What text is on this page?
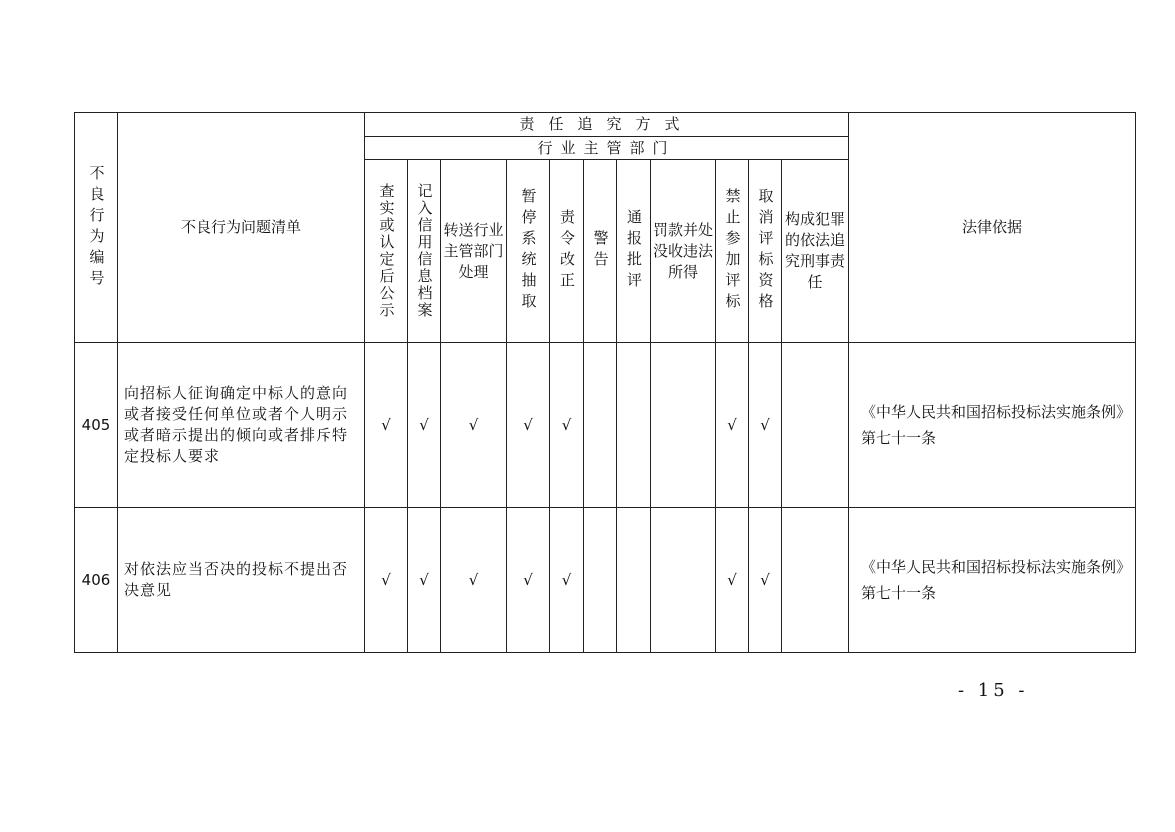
不良行为编号	不良行为问题清单	责任追究方式											法律依据
		行业主管部门											

		查实或认定后公示	记入信用信息档案	转送行业主管部门处理	暂停系统抽取	责令改正	警告	通报批评	罚款并处没收违法所得	禁止参加评标	取消评标资格	构成犯罪的依法追究刑事责任	
405	向招标人征询确定中标人的意向或者接受任何单位或者个人明示或者暗示提出的倾向或者排斥特定投标人要求	√	√	√	√	√				√	√		《中华人民共和国招标投标法实施条例》第七十一条
406	对依法应当否决的投标不提出否决意见	√	√	√	√	√				√	√		《中华人民共和国招标投标法实施条例》第七十一条
- 15 -
